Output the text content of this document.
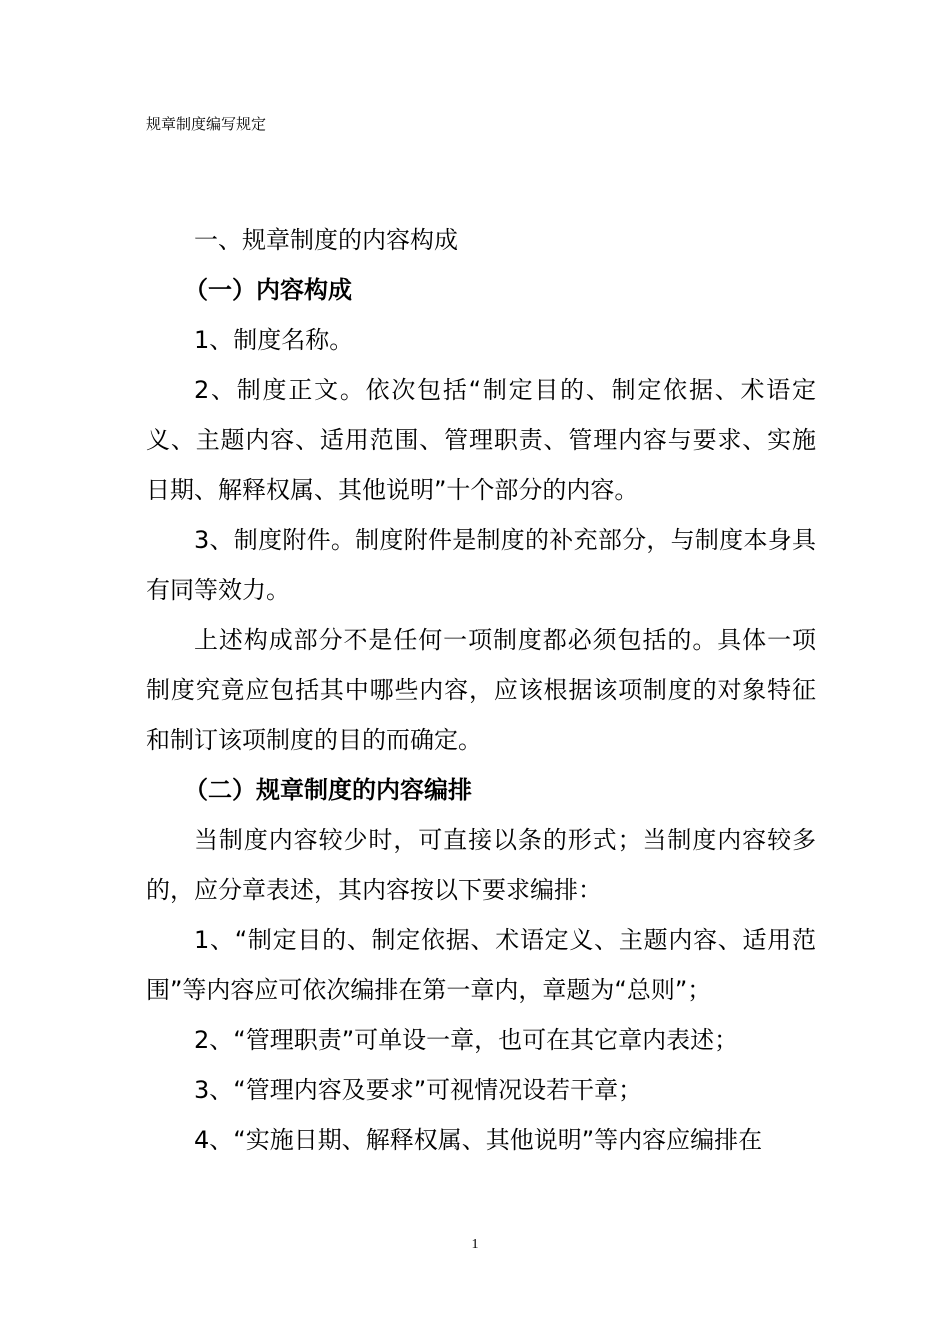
规章制度编写规定

一、规章制度的内容构成

（一）内容构成

1、制度名称。

2、制度正文。依次包括“制定目的、制定依据、术语定义、主题内容、适用范围、管理职责、管理内容与要求、实施日期、解释权属、其他说明”十个部分的内容。

3、制度附件。制度附件是制度的补充部分，与制度本身具有同等效力。

上述构成部分不是任何一项制度都必须包括的。具体一项制度究竟应包括其中哪些内容，应该根据该项制度的对象特征和制订该项制度的目的而确定。

（二）规章制度的内容编排

当制度内容较少时，可直接以条的形式；当制度内容较多的，应分章表述，其内容按以下要求编排：

1、“制定目的、制定依据、术语定义、主题内容、适用范围”等内容应可依次编排在第一章内，章题为“总则”；

2、“管理职责”可单设一章，也可在其它章内表述；

3、“管理内容及要求”可视情况设若干章；

4、“实施日期、解释权属、其他说明”等内容应编排在

1
